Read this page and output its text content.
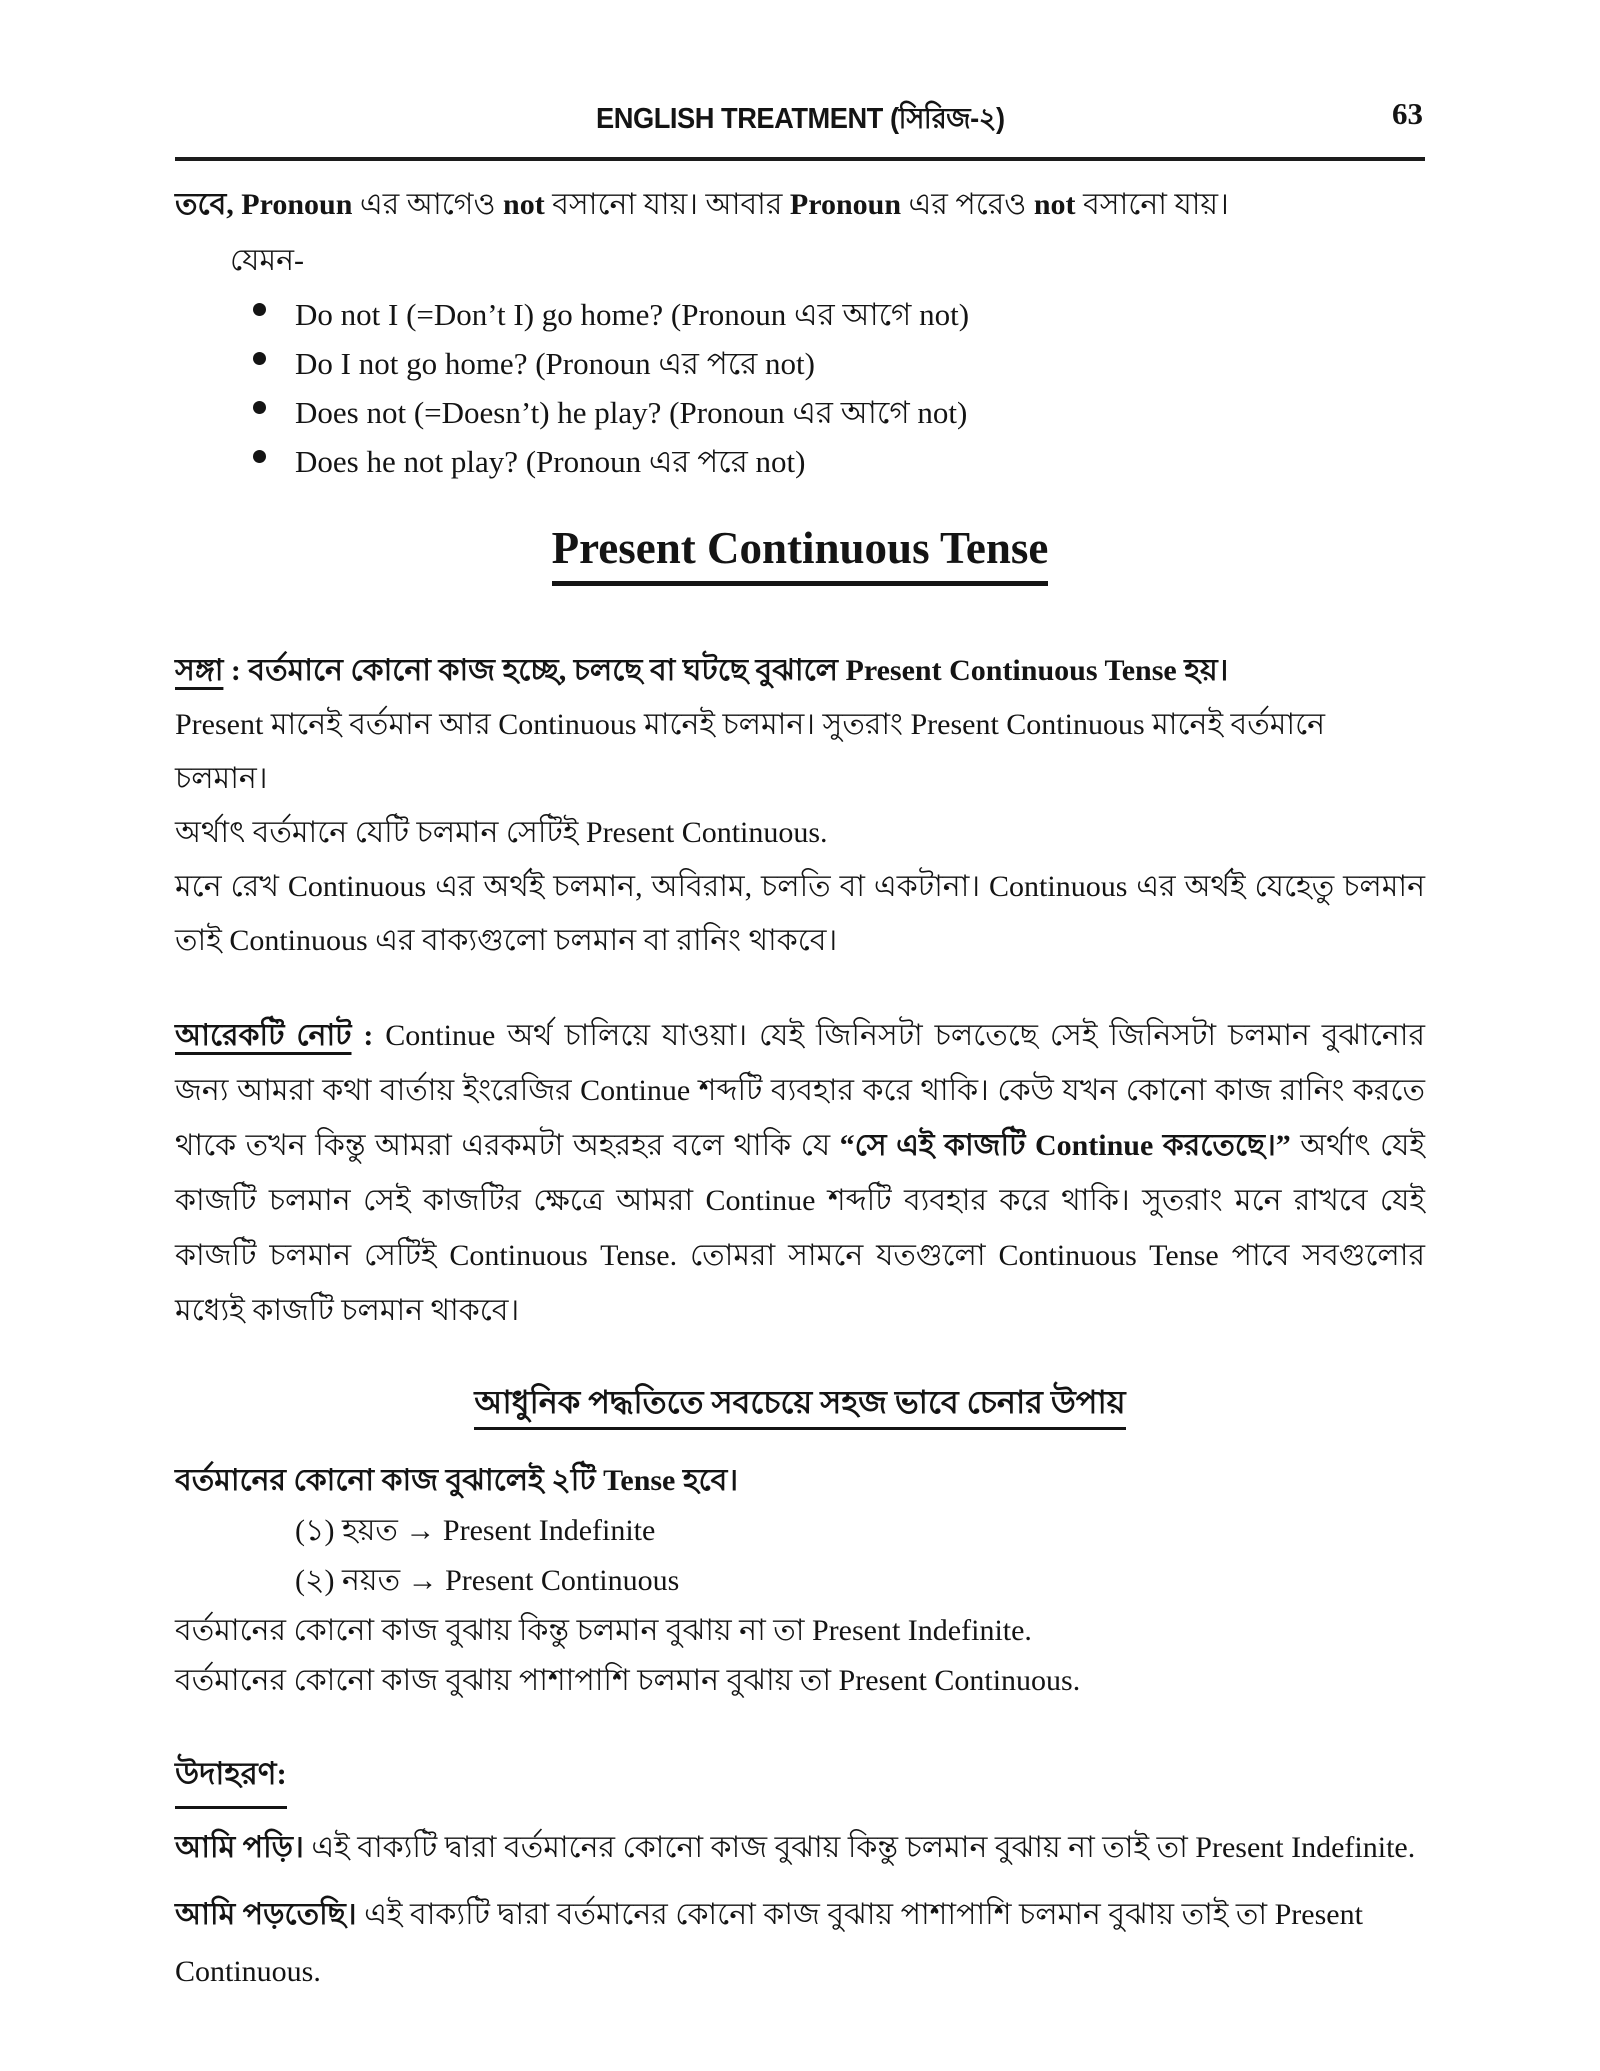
ENGLISH TREATMENT (সিরিজ-২)	63
তবে, Pronoun এর আগেও not বসানো যায়। আবার Pronoun এর পরেও not বসানো যায়।
যেমন-
Do not I (=Don’t I) go home? (Pronoun এর আগে not)
Do I not go home? (Pronoun এর পরে not)
Does not (=Doesn’t) he play? (Pronoun এর আগে not)
Does he not play? (Pronoun এর পরে not)
Present Continuous Tense
সঙ্গা : বর্তমানে কোনো কাজ হচ্ছে, চলছে বা ঘটছে বুঝালে Present Continuous Tense হয়।
Present মানেই বর্তমান আর Continuous মানেই চলমান। সুতরাং Present Continuous মানেই বর্তমানে চলমান।
অর্থাৎ বর্তমানে যেটি চলমান সেটিই Present Continuous.
মনে রেখ Continuous এর অর্থই চলমান, অবিরাম, চলতি বা একটানা। Continuous এর অর্থই যেহেতু চলমান তাই Continuous এর বাক্যগুলো চলমান বা রানিং থাকবে।
আরেকটি নোট : Continue অর্থ চালিয়ে যাওয়া। যেই জিনিসটা চলতেছে সেই জিনিসটা চলমান বুঝানোর জন্য আমরা কথা বার্তায় ইংরেজির Continue শব্দটি ব্যবহার করে থাকি। কেউ যখন কোনো কাজ রানিং করতে থাকে তখন কিন্তু আমরা এরকমটা অহরহর বলে থাকি যে “সে এই কাজটি Continue করতেছে।” অর্থাৎ যেই কাজটি চলমান সেই কাজটির ক্ষেত্রে আমরা Continue শব্দটি ব্যবহার করে থাকি। সুতরাং মনে রাখবে যেই কাজটি চলমান সেটিই Continuous Tense. তোমরা সামনে যতগুলো Continuous Tense পাবে সবগুলোর মধ্যেই কাজটি চলমান থাকবে।
আধুনিক পদ্ধতিতে সবচেয়ে সহজ ভাবে চেনার উপায়
বর্তমানের কোনো কাজ বুঝালেই ২টি Tense হবে।
(১) হয়ত → Present Indefinite
(২) নয়ত → Present Continuous
বর্তমানের কোনো কাজ বুঝায় কিন্তু চলমান বুঝায় না তা Present Indefinite.
বর্তমানের কোনো কাজ বুঝায় পাশাপাশি চলমান বুঝায় তা Present Continuous.
উদাহরণ:
আমি পড়ি। এই বাক্যটি দ্বারা বর্তমানের কোনো কাজ বুঝায় কিন্তু চলমান বুঝায় না তাই তা Present Indefinite.
আমি পড়তেছি। এই বাক্যটি দ্বারা বর্তমানের কোনো কাজ বুঝায় পাশাপাশি চলমান বুঝায় তাই তা Present Continuous.
